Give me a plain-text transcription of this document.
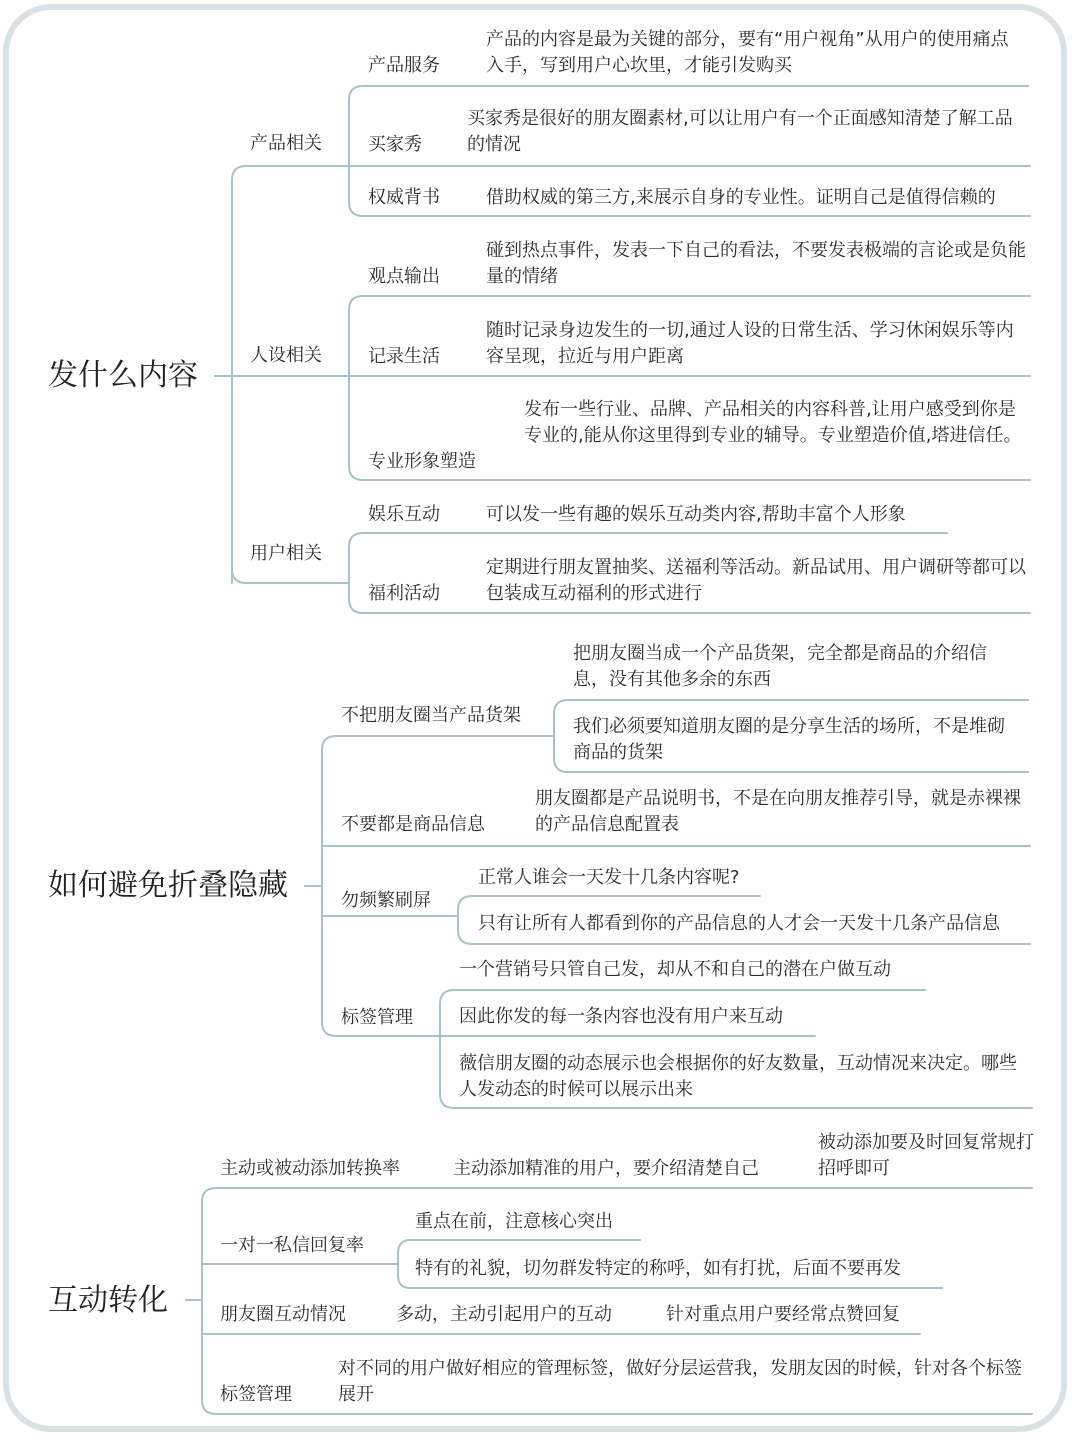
发什么内容

产品相关

人设相关

用户相关

产品服务

产品的内容是最为关键的部分，要有“用户视角”从用户的使用痛点入手，写到用户心坎里，才能引发购买

买家秀

买家秀是很好的朋友圈素材,可以让用户有一个正面感知清楚了解工品的情况

权威背书	借助权威的第三方,来展示自身的专业性。证明自己是值得信赖的

观点输出

碰到热点事件，发表一下自己的看法，不要发表极端的言论或是负能量的情绪

记录生活

随时记录身边发生的一切,通过人设的日常生活、学习休闲娱乐等内容呈现，拉近与用户距离

专业形象塑造

发布一些行业、品牌、产品相关的内容科普,让用户感受到你是专业的,能从你这里得到专业的辅导。专业塑造价值,塔进信任。

娱乐互动	可以发一些有趣的娱乐互动类内容,帮助丰富个人形象

福利活动

定期进行朋友置抽奖、送福利等活动。新品试用、用户调研等都可以包装成互动福利的形式进行

如何避免折叠隐藏

不把朋友圈当产品货架

把朋友圈当成一个产品货架，完全都是商品的介绍信息，没有其他多余的东西

我们必须要知道朋友圈的是分享生活的场所，不是堆砌商品的货架

不要都是商品信息

朋友圈都是产品说明书，不是在向朋友推荐引导，就是赤裸裸的产品信息配置表

勿频繁刷屏

正常人谁会一天发十几条内容呢?

只有让所有人都看到你的产品信息的人才会一天发十几条产品信息

标签管理

一个营销号只管自己发，却从不和自己的潜在户做互动

因此你发的每一条内容也没有用户来互动

薇信朋友圈的动态展示也会根据你的好友数量，互动情况来决定。哪些人发动态的时候可以展示出来

互动转化

主动或被动添加转换率	主动添加精准的用户，要介绍清楚自己

被动添加要及时回复常规打招呼即可

一对一私信回复率

重点在前，注意核心突出

特有的礼貌，切勿群发特定的称呼，如有打扰，后面不要再发

朋友圈互动情况	多动，主动引起用户的互动	针对重点用户要经常点赞回复

标签管理

对不同的用户做好相应的管理标签，做好分层运营我，发朋友因的时候，针对各个标签展开
